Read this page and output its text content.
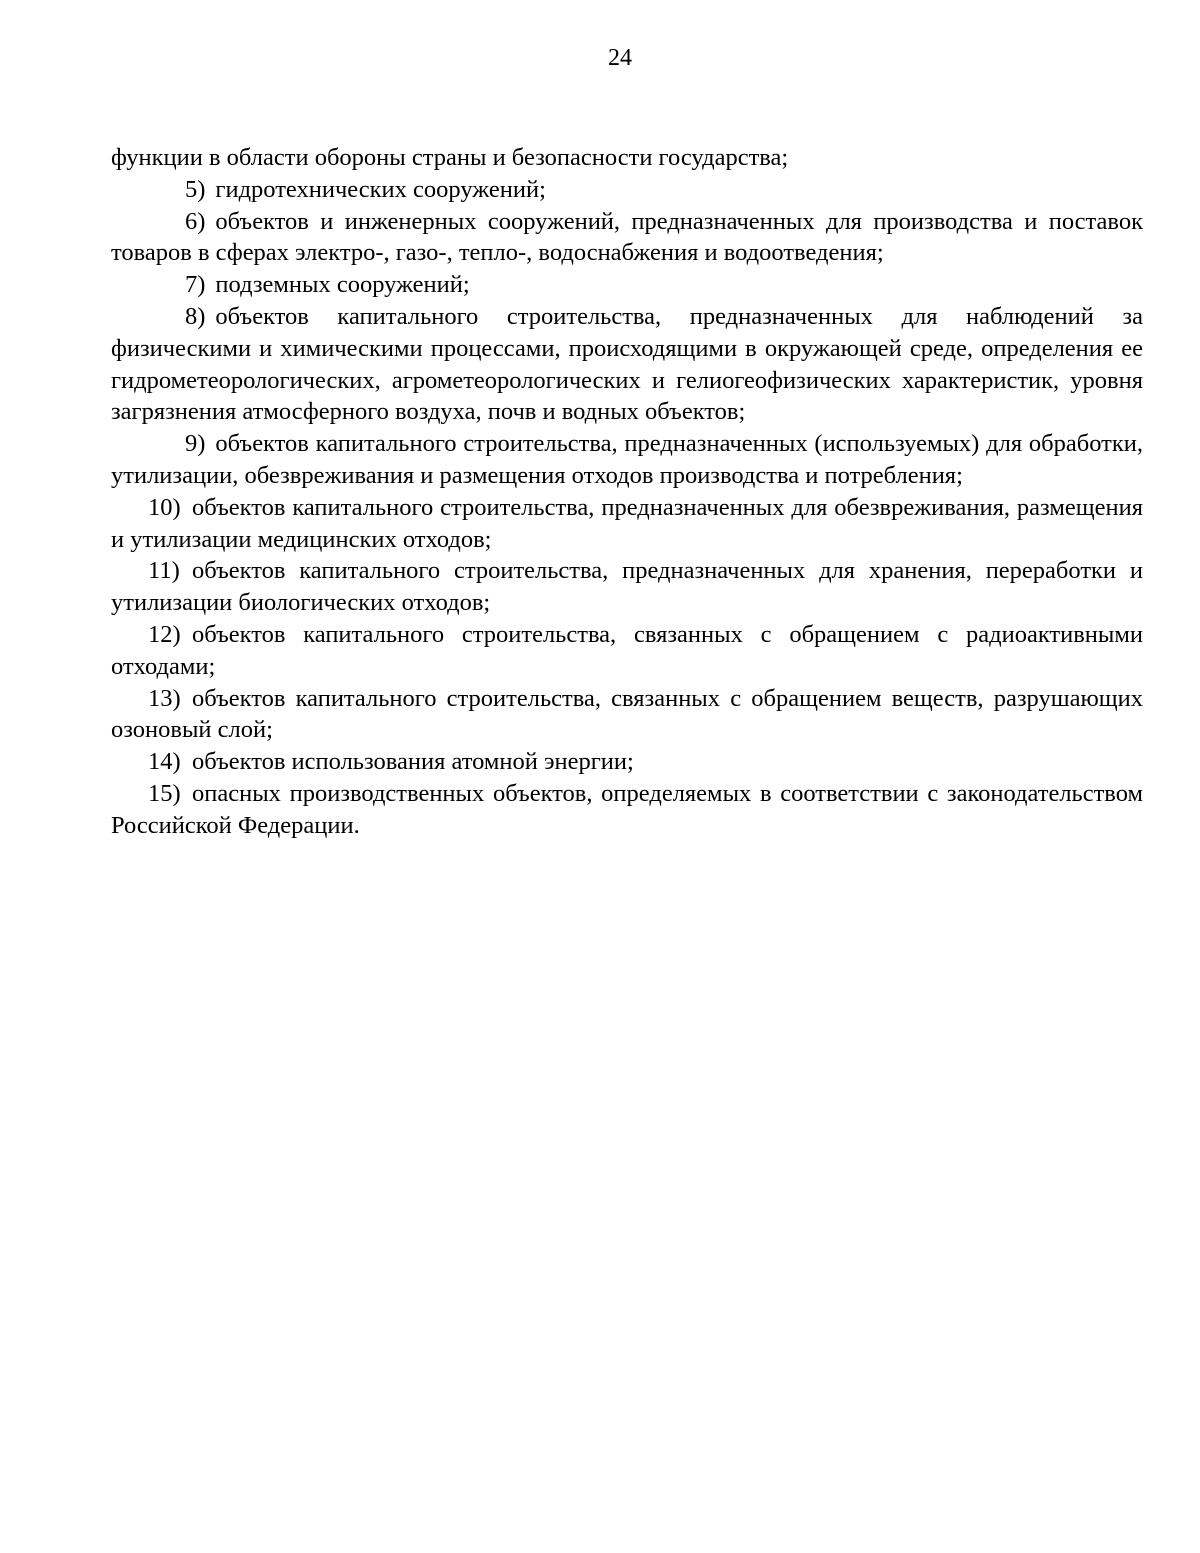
24

функции в области обороны страны и безопасности государства;

5) гидротехнических сооружений;

6) объектов и инженерных сооружений, предназначенных для производства и поставок товаров в сферах электро-, газо-, тепло-, водоснабжения и водоотведения;

7) подземных сооружений;

8) объектов капитального строительства, предназначенных для наблюдений за физическими и химическими процессами, происходящими в окружающей среде, определения ее гидрометеорологических, агрометеорологических и гелиогеофизических характеристик, уровня загрязнения атмосферного воздуха, почв и водных объектов;

9) объектов капитального строительства, предназначенных (используемых) для обработки, утилизации, обезвреживания и размещения отходов производства и потребления;

10) объектов капитального строительства, предназначенных для обезвреживания, размещения и утилизации медицинских отходов;

11) объектов капитального строительства, предназначенных для хранения, переработки и утилизации биологических отходов;

12) объектов капитального строительства, связанных с обращением с радиоактивными отходами;

13) объектов капитального строительства, связанных с обращением веществ, разрушающих озоновый слой;

14) объектов использования атомной энергии;

15) опасных производственных объектов, определяемых в соответствии с законодательством Российской Федерации.
